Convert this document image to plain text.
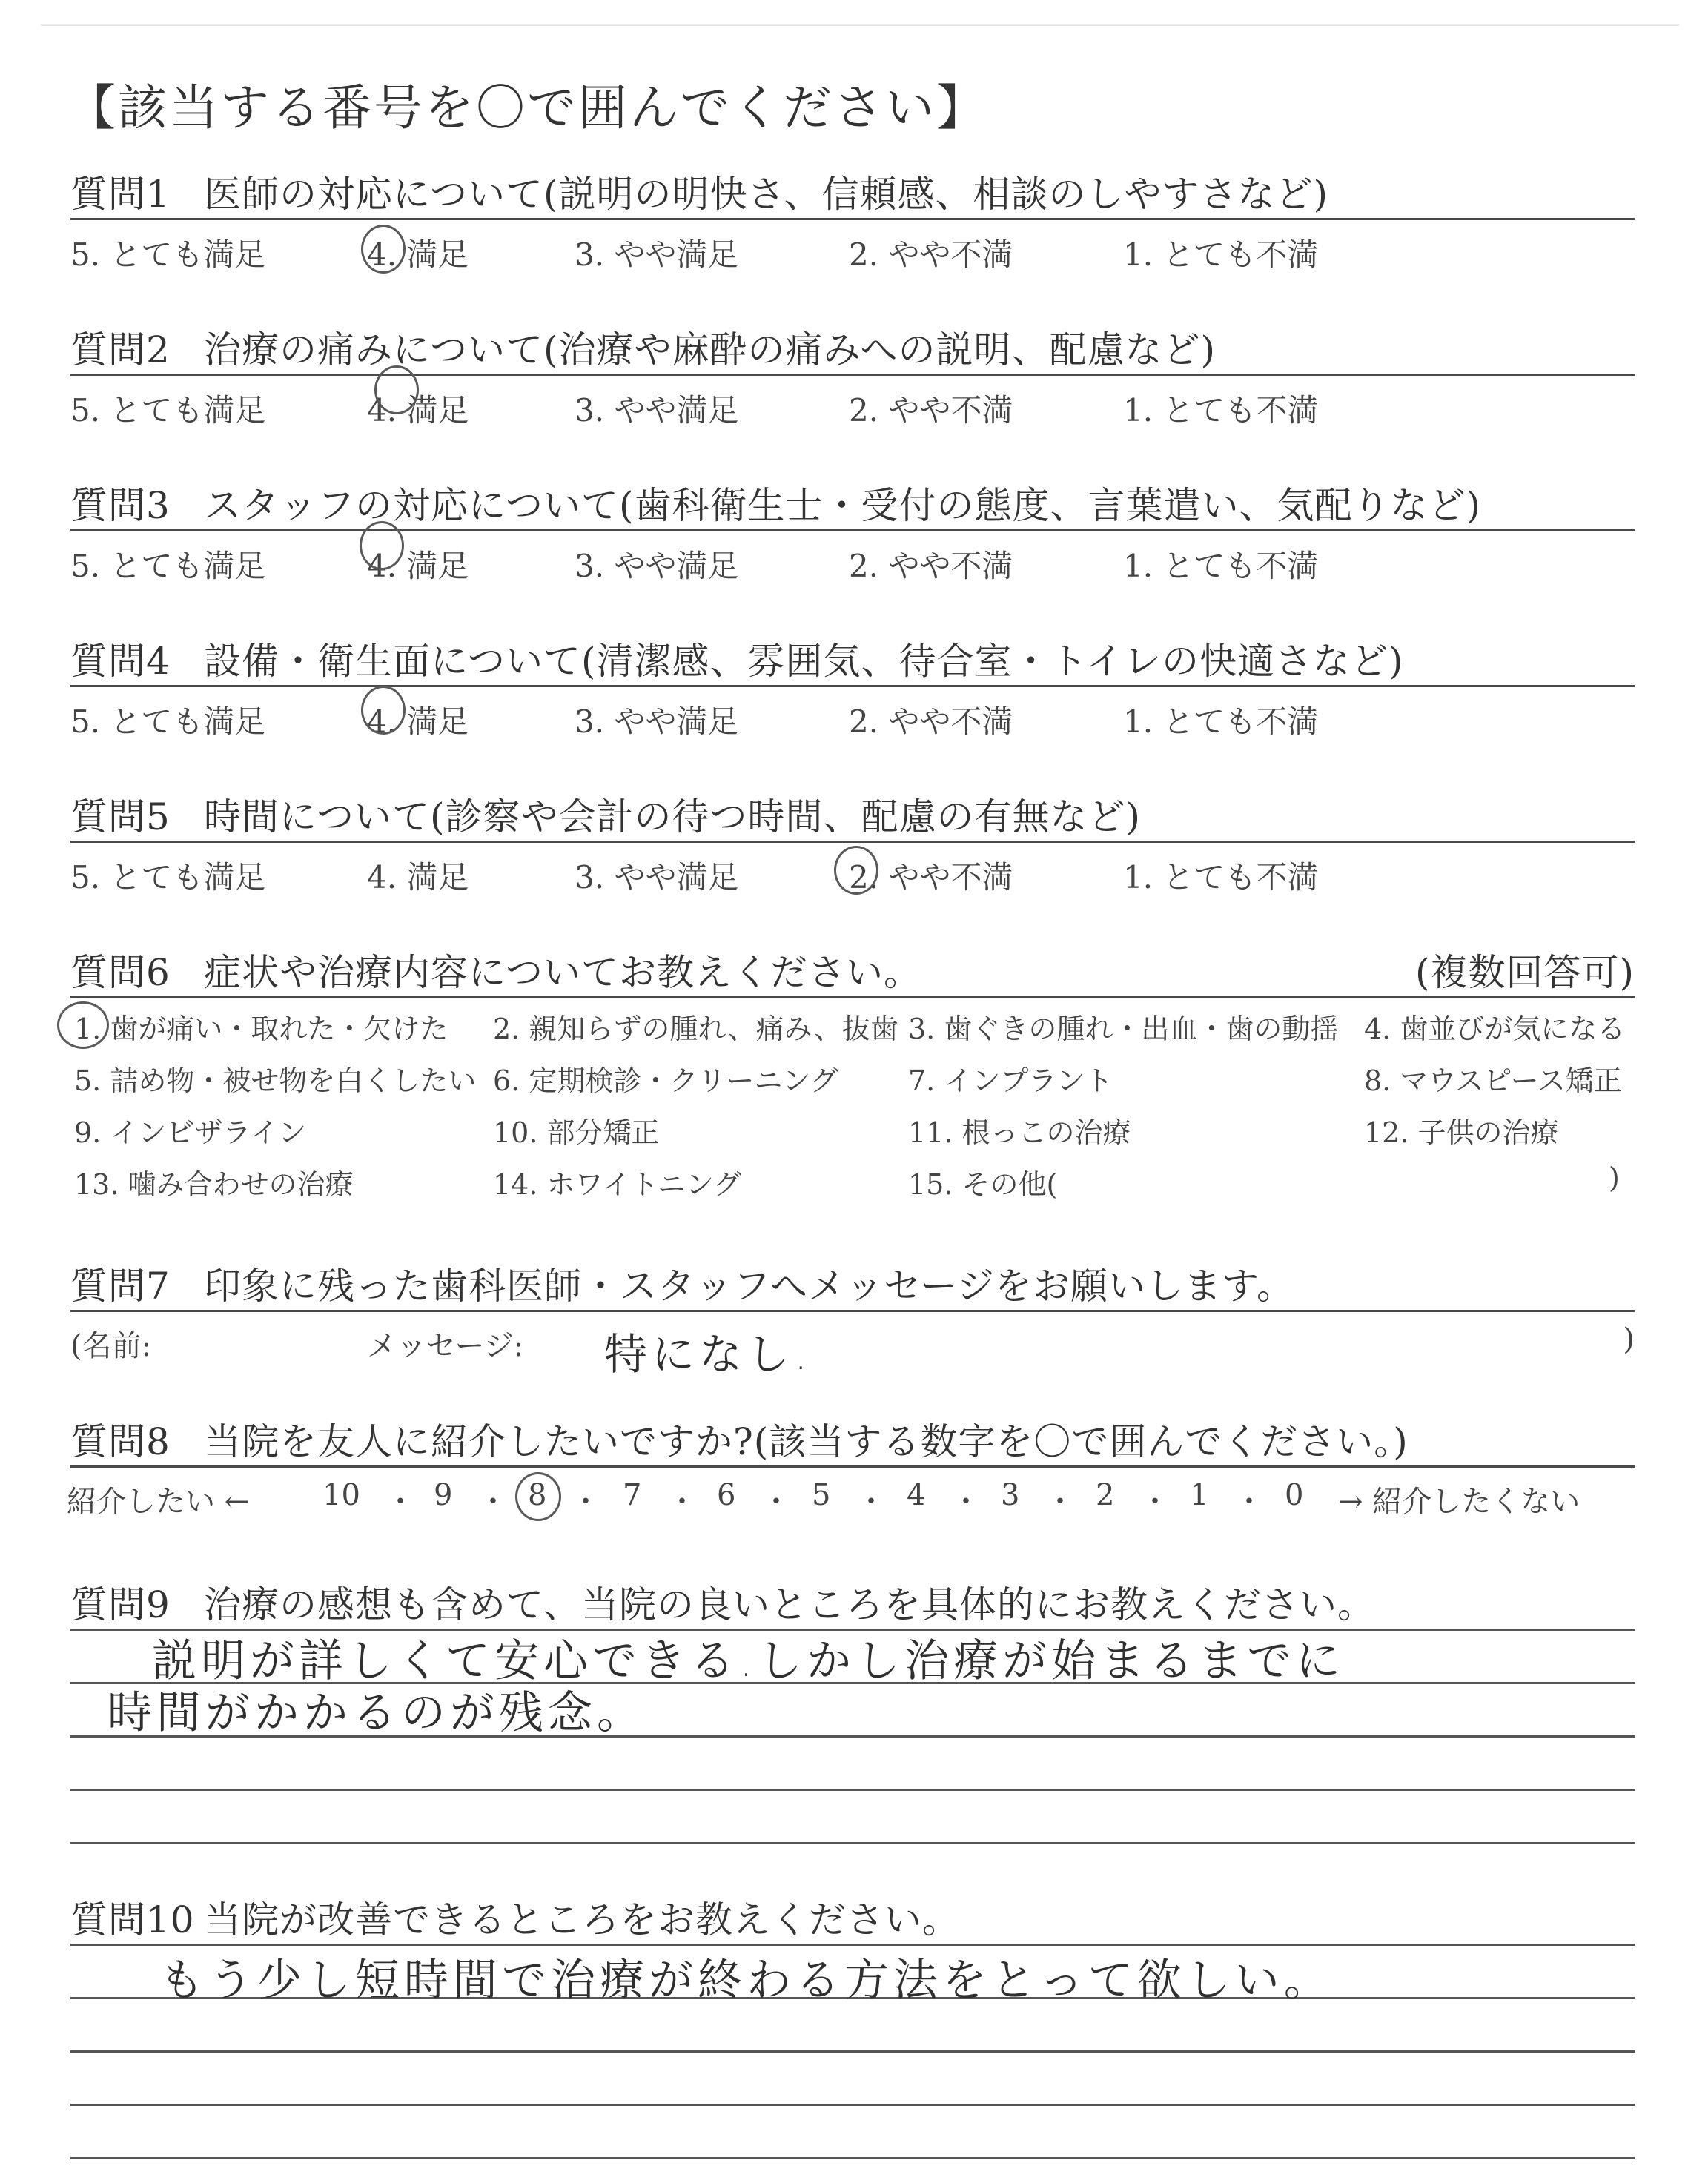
【該当する番号を〇で囲んでください】
質問1 医師の対応について(説明の明快さ、信頼感、相談のしやすさなど)
5. とても満足	4. 満足	3. やや満足	2. やや不満	1. とても不満
質問2 治療の痛みについて(治療や麻酔の痛みへの説明、配慮など)
5. とても満足	4. 満足	3. やや満足	2. やや不満	1. とても不満
質問3 スタッフの対応について(歯科衛生士・受付の態度、言葉遣い、気配りなど)
5. とても満足	4. 満足	3. やや満足	2. やや不満	1. とても不満
質問4 設備・衛生面について(清潔感、雰囲気、待合室・トイレの快適さなど)
5. とても満足	4. 満足	3. やや満足	2. やや不満	1. とても不満
質問5 時間について(診察や会計の待つ時間、配慮の有無など)
5. とても満足	4. 満足	3. やや満足	2. やや不満	1. とても不満
質問6 症状や治療内容についてお教えください。	(複数回答可)
1. 歯が痛い・取れた・欠けた 2. 親知らずの腫れ、痛み、抜歯 3. 歯ぐきの腫れ・出血・歯の動揺 4. 歯並びが気になる
5. 詰め物・被せ物を白くしたい 6. 定期検診・クリーニング 7. インプラント	8. マウスピース矯正
9. インビザライン	10. 部分矯正	11. 根っこの治療	12. 子供の治療
13. 噛み合わせの治療	14. ホワイトニング	15. その他(	)
質問7 印象に残った歯科医師・スタッフへメッセージをお願いします。
(名前:	メッセージ: 特になし.	)
質問8 当院を友人に紹介したいですか?(該当する数字を〇で囲んでください。)
紹介したい ← 10 ・ 9 ・ 8 ・ 7 ・ 6 ・ 5 ・ 4 ・ 3 ・ 2 ・ 1 ・ 0 → 紹介したくない
質問9 治療の感想も含めて、当院の良いところを具体的にお教えください。
説明が詳しくて安心できる.しかし治療が始まるまでに
時間がかかるのが残念。
質問10 当院が改善できるところをお教えください。
もう少し短時間で治療が終わる方法をとって欲しい。
